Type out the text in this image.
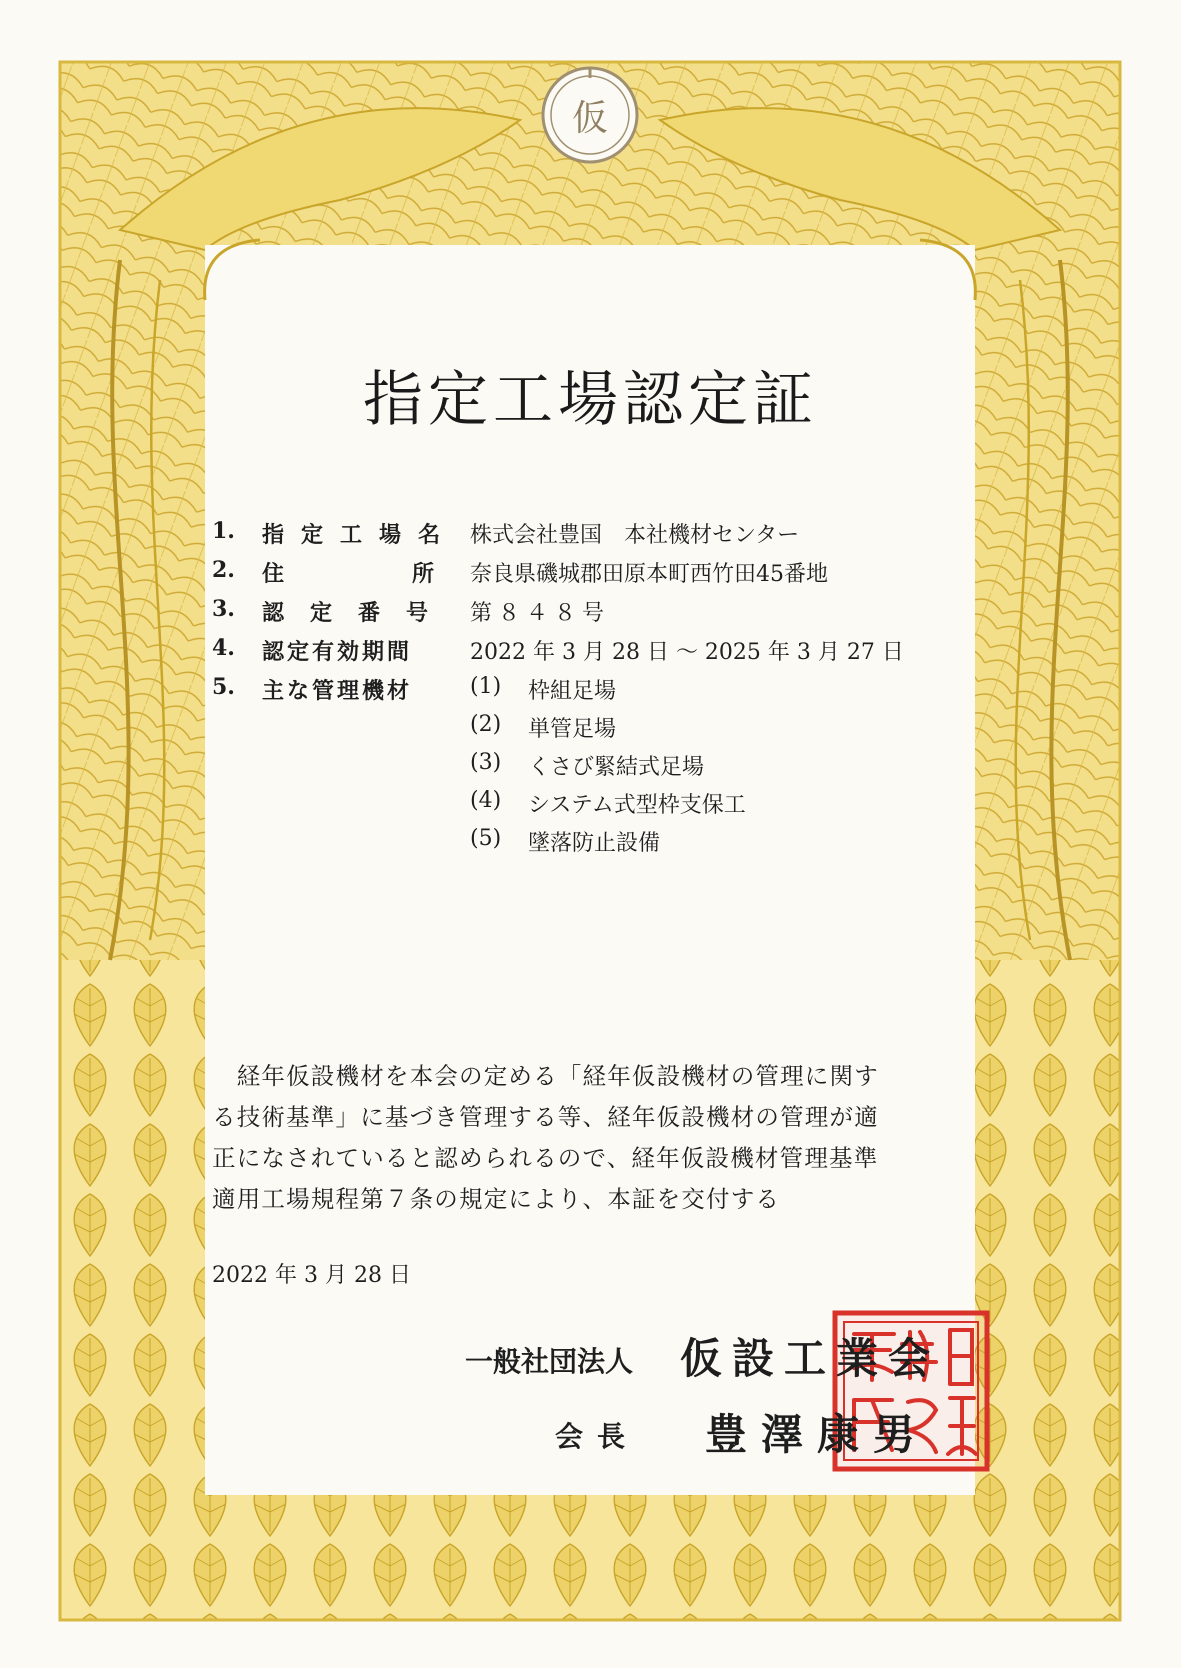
仮
指定工場認定証
1.	指定工場名 株式会社豊国　本社機材センター
2.	住	所 奈良県磯城郡田原本町西竹田45番地
3.	認定番号 第８４８号
4.	認定有効期間	2022 年 3 月 28 日 ～ 2025 年 3 月 27 日
5.	主な管理機材	(1)	枠組足場
(2)	単管足場
(3)	くさび緊結式足場
(4)	システム式型枠支保工
(5)	墜落防止設備
　経年仮設機材を本会の定める「経年仮設機材の管理に関す
る技術基準」に基づき管理する等、経年仮設機材の管理が適
正になされていると認められるので、経年仮設機材管理基準
適用工場規程第７条の規定により、本証を交付する
2022 年 3 月 28 日
一般社団法人 仮設工業会
会長 豊澤康男
